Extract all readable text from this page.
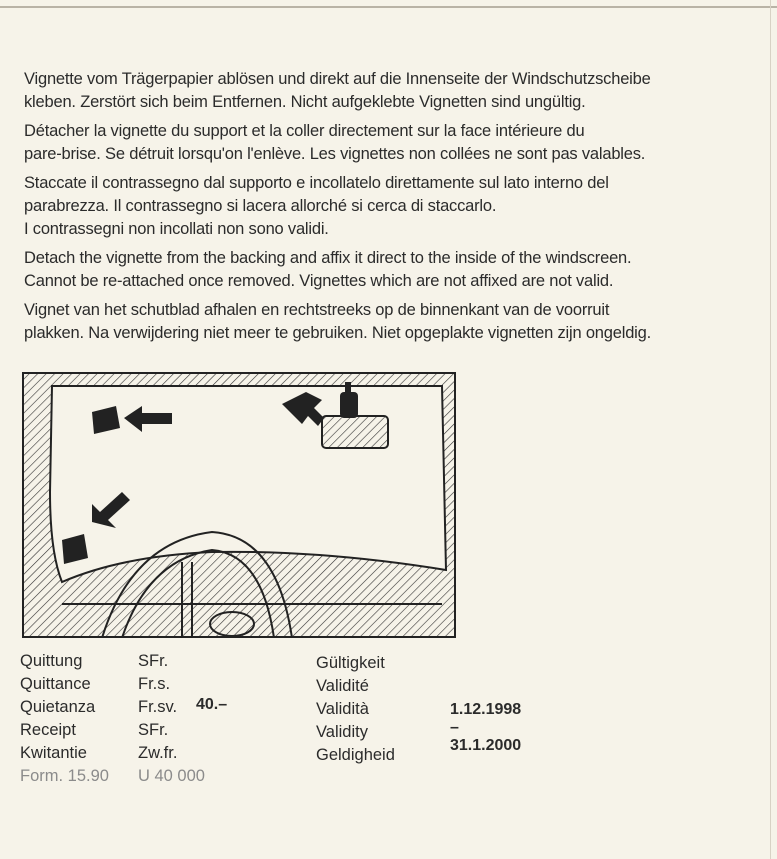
Vignette vom Trägerpapier ablösen und direkt auf die Innenseite der Windschutzscheibe
kleben. Zerstört sich beim Entfernen. Nicht aufgeklebte Vignetten sind ungültig.

Détacher la vignette du support et la coller directement sur la face intérieure du
pare-brise. Se détruit lorsqu'on l'enlève. Les vignettes non collées ne sont pas valables.

Staccate il contrassegno dal supporto e incollatelo direttamente sul lato interno del
parabrezza. Il contrassegno si lacera allorché si cerca di staccarlo.
I contrassegni non incollati non sono validi.

Detach the vignette from the backing and affix it direct to the inside of the windscreen.
Cannot be re-attached once removed. Vignettes which are not affixed are not valid.

Vignet van het schutblad afhalen en rechtstreeks op de binnenkant van de voorruit
plakken. Na verwijdering niet meer te gebruiken. Niet opgeplakte vignetten zijn ongeldig.

Quittung
Quittance
Quietanza
Receipt
Kwitantie
Form. 15.90
SFr.
Fr.s.
Fr.sv.
SFr.
Zw.fr.
U 40 000
40.–
Gültigkeit
Validité
Validità
Validity
Geldigheid
1.12.1998 – 31.1.2000
